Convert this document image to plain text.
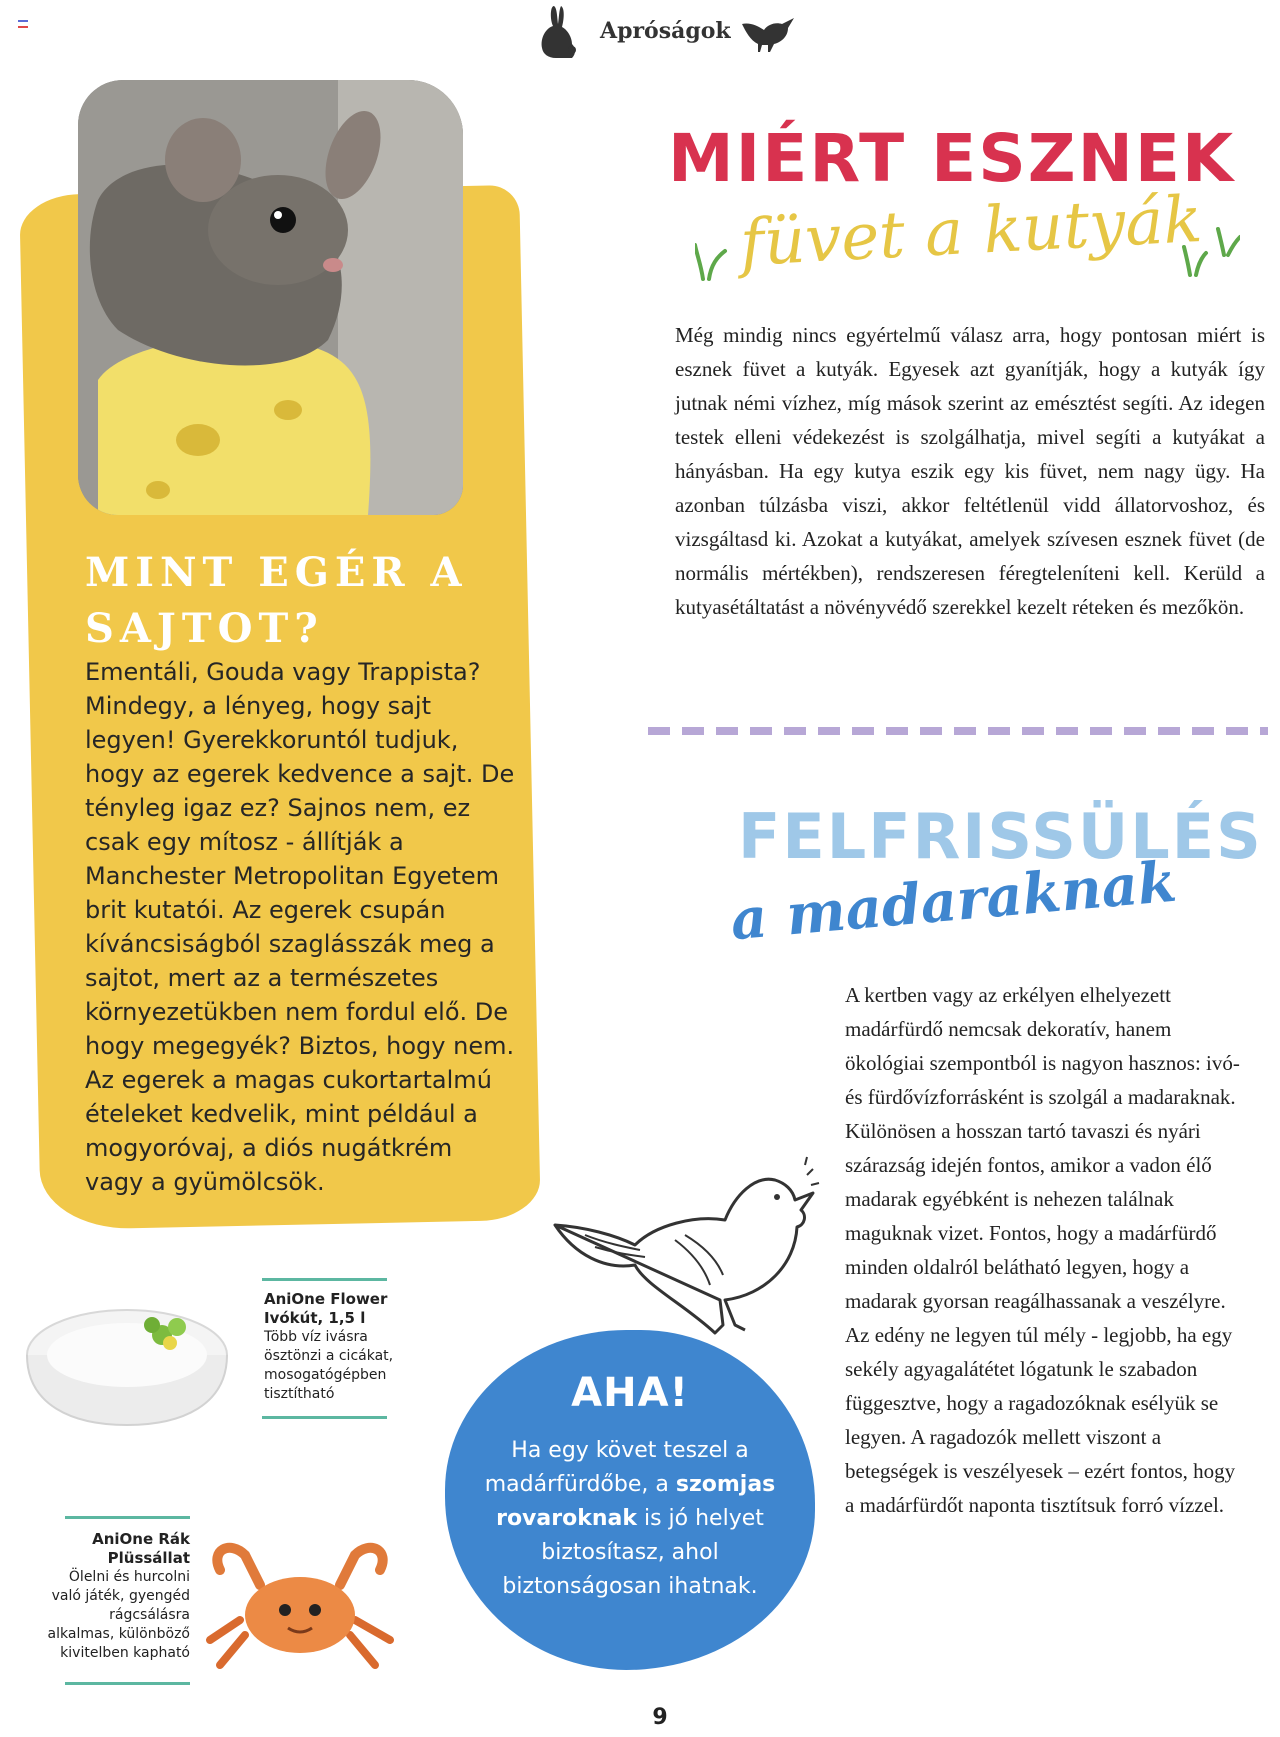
Apróságok
MINT EGÉR A SAJTOT?
Ementáli, Gouda vagy Trappista? Mindegy, a lényeg, hogy sajt legyen! Gyerekkoruntól tudjuk, hogy az egerek kedvence a sajt. De tényleg igaz ez? Sajnos nem, ez csak egy mítosz - állítják a Manchester Metropolitan Egyetem brit kutatói. Az egerek csupán kíváncsiságból szaglásszák meg a sajtot, mert az a természetes környezetükben nem fordul elő. De hogy megegyék? Biztos, hogy nem. Az egerek a magas cukortartalmú ételeket kedvelik, mint például a mogyoróvaj, a diós nugátkrém vagy a gyümölcsök.
AniOne Flower Ivókút, 1,5 l
Több víz ivásra ösztönzi a cicákat, mosogatógépben tisztítható
AniOne Rák Plüssállat
Ölelni és hurcolni való játék, gyengéd rágcsálásra alkalmas, különböző kivitelben kapható
AHA!
Ha egy követ teszel a madárfürdőbe, a szomjas rovaroknak is jó helyet biztosítasz, ahol biztonságosan ihatnak.
MIÉRT ESZNEK
füvet a kutyák
Még mindig nincs egyértelmű válasz arra, hogy pontosan miért is esznek füvet a kutyák. Egyesek azt gyanítják, hogy a kutyák így jutnak némi vízhez, míg mások szerint az emésztést segíti. Az idegen testek elleni védekezést is szolgálhatja, mivel segíti a kutyákat a hányásban. Ha egy kutya eszik egy kis füvet, nem nagy ügy. Ha azonban túlzásba viszi, akkor feltétlenül vidd állatorvoshoz, és vizsgáltasd ki. Azokat a kutyákat, amelyek szívesen esznek füvet (de normális mértékben), rendszeresen féregteleníteni kell. Kerüld a kutyasétáltatást a növényvédő szerekkel kezelt réteken és mezőkön.
FELFRISSÜLÉS
a madaraknak
A kertben vagy az erkélyen elhelyezett madárfürdő nemcsak dekoratív, hanem ökológiai szempontból is nagyon hasznos: ivó- és fürdővízforrásként is szolgál a madaraknak. Különösen a hosszan tartó tavaszi és nyári szárazság idején fontos, amikor a vadon élő madarak egyébként is nehezen találnak maguknak vizet. Fontos, hogy a madárfürdő minden oldalról belátható legyen, hogy a madarak gyorsan reagálhassanak a veszélyre. Az edény ne legyen túl mély - legjobb, ha egy sekély agyagalátétet lógatunk le szabadon függesztve, hogy a ragadozóknak esélyük se legyen. A ragadozók mellett viszont a betegségek is veszélyesek – ezért fontos, hogy a madárfürdőt naponta tisztítsuk forró vízzel.
9
